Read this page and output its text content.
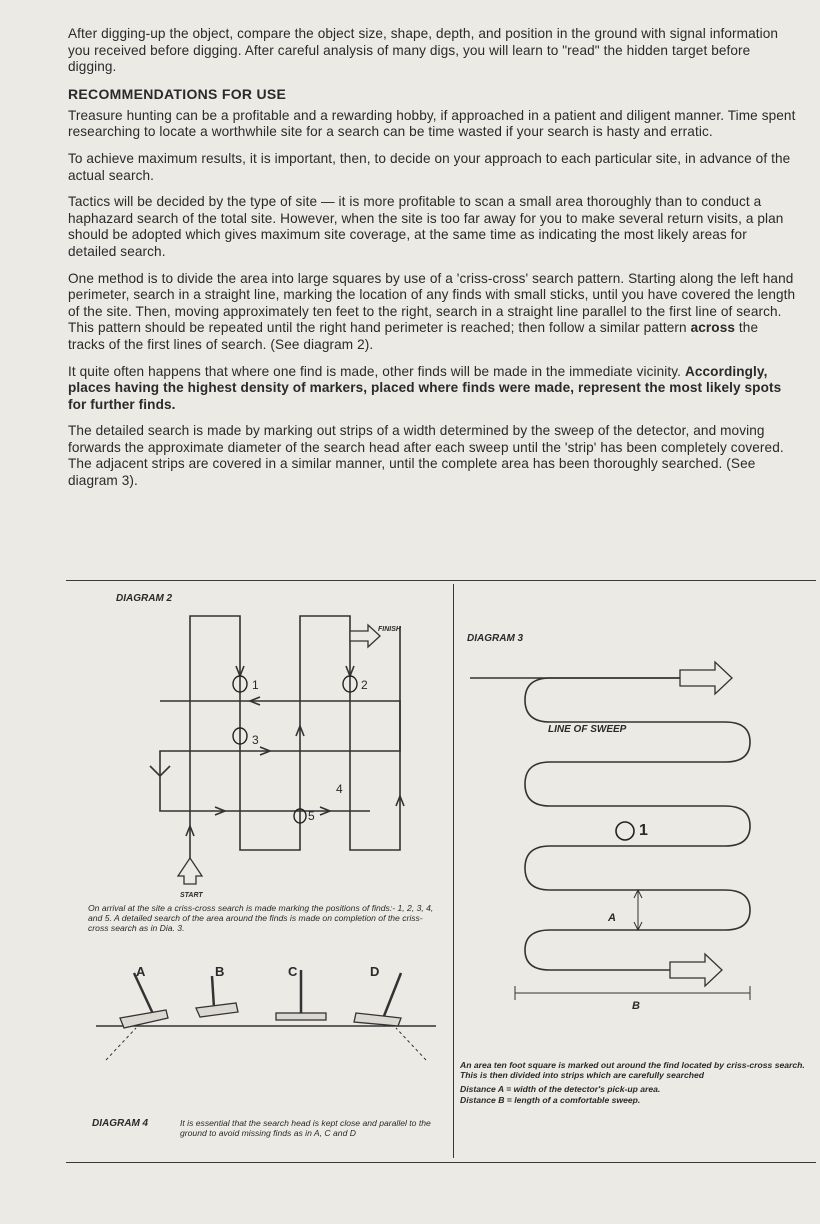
After digging-up the object, compare the object size, shape, depth, and position in the ground with signal information you received before digging. After careful analysis of many digs, you will learn to "read" the hidden target before digging.

RECOMMENDATIONS FOR USE

Treasure hunting can be a profitable and a rewarding hobby, if approached in a patient and diligent manner. Time spent researching to locate a worthwhile site for a search can be time wasted if your search is hasty and erratic.

To achieve maximum results, it is important, then, to decide on your approach to each particular site, in advance of the actual search.

Tactics will be decided by the type of site — it is more profitable to scan a small area thoroughly than to conduct a haphazard search of the total site. However, when the site is too far away for you to make several return visits, a plan should be adopted which gives maximum site coverage, at the same time as indicating the most likely areas for detailed search.

One method is to divide the area into large squares by use of a 'criss-cross' search pattern. Starting along the left hand perimeter, search in a straight line, marking the location of any finds with small sticks, until you have covered the length of the site. Then, moving approximately ten feet to the right, search in a straight line parallel to the first line of search. This pattern should be repeated until the right hand perimeter is reached; then follow a similar pattern across the tracks of the first lines of search. (See diagram 2).

It quite often happens that where one find is made, other finds will be made in the immediate vicinity. Accordingly, places having the highest density of markers, placed where finds were made, represent the most likely spots for further finds.

The detailed search is made by marking out strips of a width determined by the sweep of the detector, and moving forwards the approximate diameter of the search head after each sweep until the 'strip' has been completely covered. The adjacent strips are covered in a similar manner, until the complete area has been thoroughly searched. (See diagram 3).

DIAGRAM 2
FINISH
START
1	2
3
4
5
On arrival at the site a criss-cross search is made marking the positions of finds:- 1, 2, 3, 4, and 5. A detailed search of the area around the finds is made on completion of the criss-cross search as in Dia. 3.
DIAGRAM 3
LINE OF SWEEP
1
A
B
An area ten foot square is marked out around the find located by criss-cross search. This is then divided into strips which are carefully searched
Distance A = width of the detector's pick-up area.
Distance B = length of a comfortable sweep.
A	B	C	D
DIAGRAM 4	It is essential that the search head is kept close and parallel to the ground to avoid missing finds as in A, C and D
